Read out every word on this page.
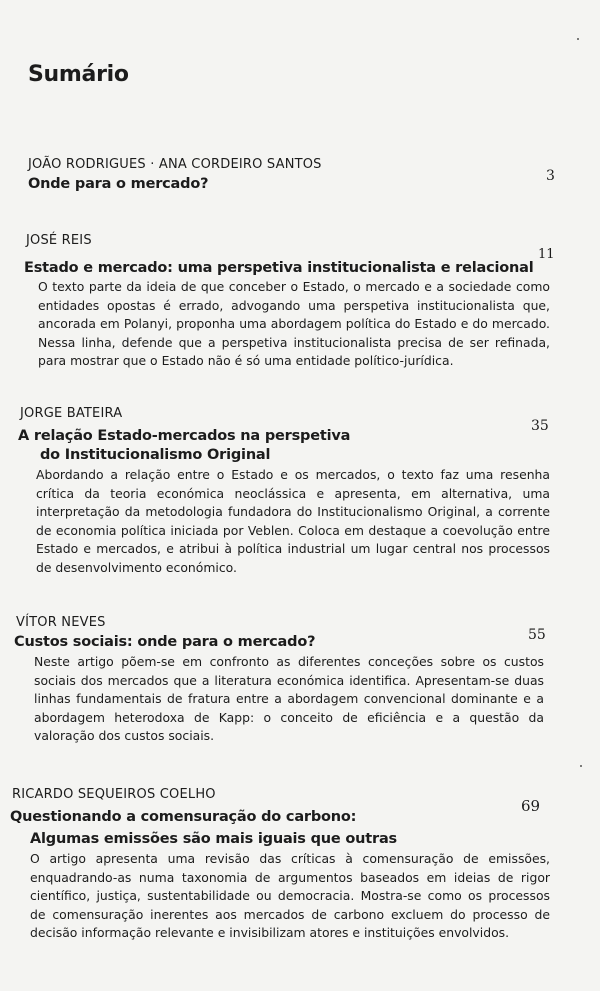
Sumário
JOÃO RODRIGUES · ANA CORDEIRO SANTOS
Onde para o mercado?	3
JOSÉ REIS
Estado e mercado: uma perspetiva institucionalista e relacional
11

O texto parte da ideia de que conceber o Estado, o mercado e a sociedade como entidades opostas é errado, advogando uma perspetiva institucionalista que, ancorada em Polanyi, proponha uma abordagem política do Estado e do mercado. Nessa linha, defende que a perspetiva institucionalista precisa de ser refinada, para mostrar que o Estado não é só uma entidade político-jurídica.

JORGE BATEIRA
A relação Estado-mercados na perspetiva
do Institucionalismo Original
35

Abordando a relação entre o Estado e os mercados, o texto faz uma resenha crítica da teoria económica neoclássica e apresenta, em alternativa, uma interpretação da metodologia fundadora do Institucionalismo Original, a corrente de economia política iniciada por Veblen. Coloca em destaque a coevolução entre Estado e mercados, e atribui à política industrial um lugar central nos processos de desenvolvimento económico.

VÍTOR NEVES
Custos sociais: onde para o mercado?	55

Neste artigo põem-se em confronto as diferentes conceções sobre os custos sociais dos mercados que a literatura económica identifica. Apresentam-se duas linhas fundamentais de fratura entre a abordagem convencional dominante e a abordagem heterodoxa de Kapp: o conceito de eficiência e a questão da valoração dos custos sociais.

RICARDO SEQUEIROS COELHO
Questionando a comensuração do carbono:
Algumas emissões são mais iguais que outras
69

O artigo apresenta uma revisão das críticas à comensuração de emissões, enquadrando-as numa taxonomia de argumentos baseados em ideias de rigor científico, justiça, sustentabilidade ou democracia. Mostra-se como os processos de comensuração inerentes aos mercados de carbono excluem do processo de decisão informação relevante e invisibilizam atores e instituições envolvidos.
